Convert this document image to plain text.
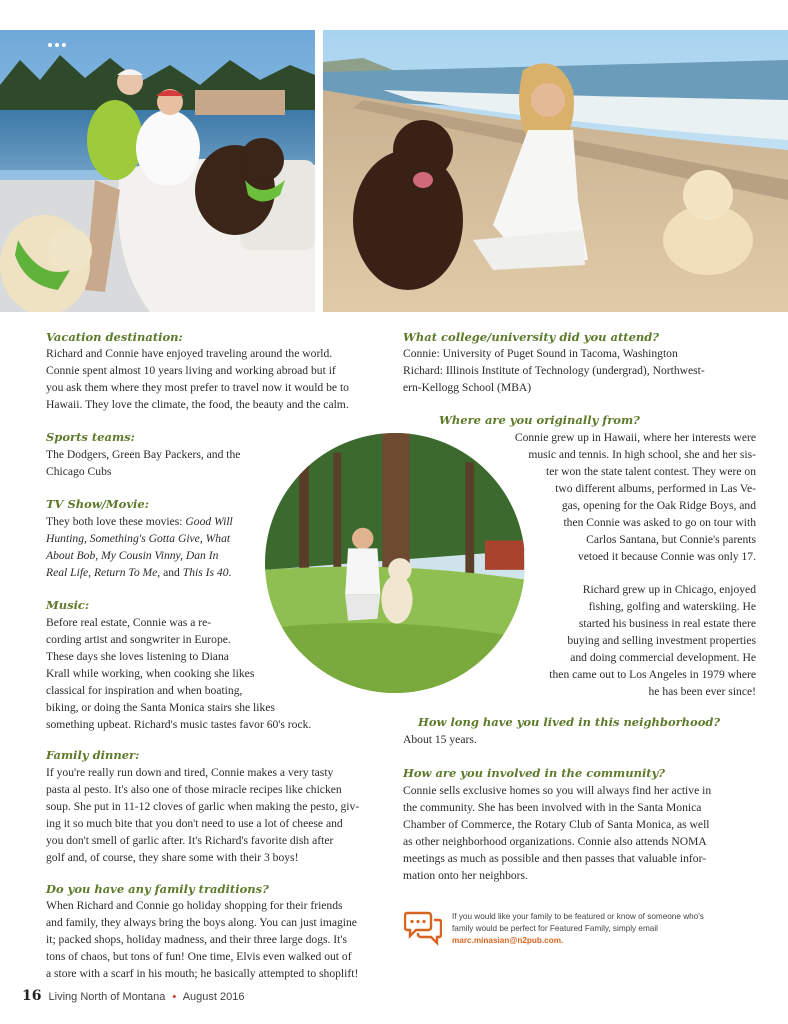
Vacation destination:
Richard and Connie have enjoyed traveling around the world.
Connie spent almost 10 years living and working abroad but if
you ask them where they most prefer to travel now it would be to
Hawaii. They love the climate, the food, the beauty and the calm.
Sports teams:
The Dodgers, Green Bay Packers, and the
Chicago Cubs
TV Show/Movie:
They both love these movies: Good Will
Hunting, Something's Gotta Give, What
About Bob, My Cousin Vinny, Dan In
Real Life, Return To Me, and This Is 40.
Music:
Before real estate, Connie was a re-
cording artist and songwriter in Europe.
These days she loves listening to Diana
Krall while working, when cooking she likes
classical for inspiration and when boating,
biking, or doing the Santa Monica stairs she likes
something upbeat. Richard's music tastes favor 60's rock.
Family dinner:
If you're really run down and tired, Connie makes a very tasty
pasta al pesto. It's also one of those miracle recipes like chicken
soup. She put in 11-12 cloves of garlic when making the pesto, giv-
ing it so much bite that you don't need to use a lot of cheese and
you don't smell of garlic after. It's Richard's favorite dish after
golf and, of course, they share some with their 3 boys!
Do you have any family traditions?
When Richard and Connie go holiday shopping for their friends
and family, they always bring the boys along. You can just imagine
it; packed shops, holiday madness, and their three large dogs. It's
tons of chaos, but tons of fun! One time, Elvis even walked out of
a store with a scarf in his mouth; he basically attempted to shoplift!
What college/university did you attend?
Connie: University of Puget Sound in Tacoma, Washington
Richard: Illinois Institute of Technology (undergrad), Northwest-
ern-Kellogg School (MBA)
Where are you originally from?
Connie grew up in Hawaii, where her interests were
music and tennis. In high school, she and her sis-
ter won the state talent contest. They were on
two different albums, performed in Las Ve-
gas, opening for the Oak Ridge Boys, and
then Connie was asked to go on tour with
Carlos Santana, but Connie's parents
vetoed it because Connie was only 17.
Richard grew up in Chicago, enjoyed
fishing, golfing and waterskiing. He
started his business in real estate there
buying and selling investment properties
and doing commercial development. He
then came out to Los Angeles in 1979 where
he has been ever since!
How long have you lived in this neighborhood?
About 15 years.
How are you involved in the community?
Connie sells exclusive homes so you will always find her active in
the community. She has been involved with in the Santa Monica
Chamber of Commerce, the Rotary Club of Santa Monica, as well
as other neighborhood organizations. Connie also attends NOMA
meetings as much as possible and then passes that valuable infor-
mation onto her neighbors.
If you would like your family to be featured or know of someone who's
family would be perfect for Featured Family, simply email
marc.minasian@n2pub.com.
16 Living North of Montana • August 2016
